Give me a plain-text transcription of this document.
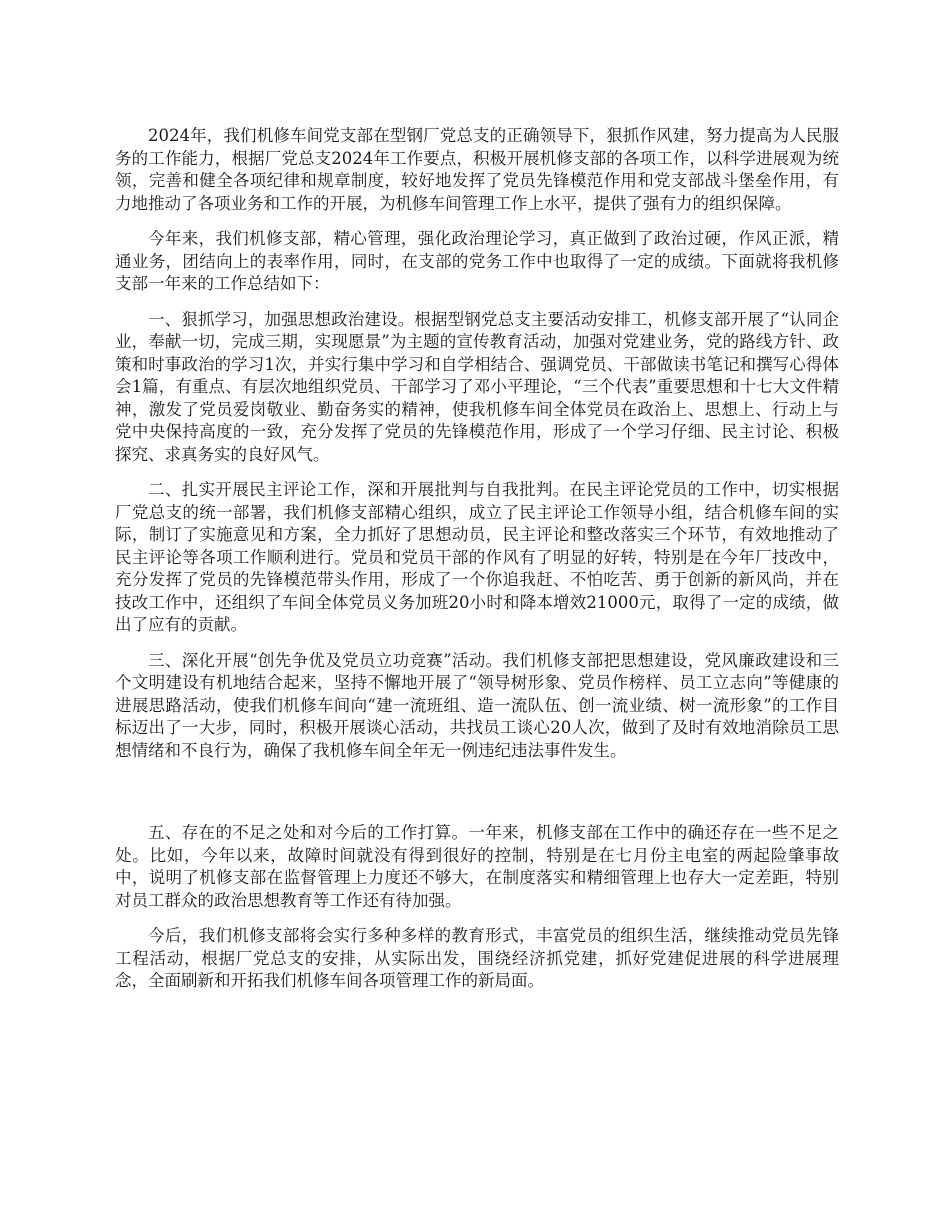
2024年，我们机修车间党支部在型钢厂党总支的正确领导下，狠抓作风建，努力提高为人民服务的工作能力，根据厂党总支2024年工作要点，积极开展机修支部的各项工作，以科学进展观为统领，完善和健全各项纪律和规章制度，较好地发挥了党员先锋模范作用和党支部战斗堡垒作用，有力地推动了各项业务和工作的开展，为机修车间管理工作上水平，提供了强有力的组织保障。

今年来，我们机修支部，精心管理，强化政治理论学习，真正做到了政治过硬，作风正派，精通业务，团结向上的表率作用，同时，在支部的党务工作中也取得了一定的成绩。下面就将我机修支部一年来的工作总结如下：

一、狠抓学习，加强思想政治建设。根据型钢党总支主要活动安排工，机修支部开展了“认同企业，奉献一切，完成三期，实现愿景”为主题的宣传教育活动，加强对党建业务，党的路线方针、政策和时事政治的学习1次，并实行集中学习和自学相结合、强调党员、干部做读书笔记和撰写心得体会1篇，有重点、有层次地组织党员、干部学习了邓小平理论，“三个代表”重要思想和十七大文件精神，激发了党员爱岗敬业、勤奋务实的精神，使我机修车间全体党员在政治上、思想上、行动上与党中央保持高度的一致，充分发挥了党员的先锋模范作用，形成了一个学习仔细、民主讨论、积极探究、求真务实的良好风气。

二、扎实开展民主评论工作，深和开展批判与自我批判。在民主评论党员的工作中，切实根据厂党总支的统一部署，我们机修支部精心组织，成立了民主评论工作领导小组，结合机修车间的实际，制订了实施意见和方案，全力抓好了思想动员，民主评论和整改落实三个环节，有效地推动了民主评论等各项工作顺利进行。党员和党员干部的作风有了明显的好转，特别是在今年厂技改中，充分发挥了党员的先锋模范带头作用，形成了一个你追我赶、不怕吃苦、勇于创新的新风尚，并在技改工作中，还组织了车间全体党员义务加班20小时和降本增效21000元，取得了一定的成绩，做出了应有的贡献。

三、深化开展“创先争优及党员立功竞赛”活动。我们机修支部把思想建设，党风廉政建设和三个文明建设有机地结合起来，坚持不懈地开展了“领导树形象、党员作榜样、员工立志向”等健康的进展思路活动，使我们机修车间向“建一流班组、造一流队伍、创一流业绩、树一流形象”的工作目标迈出了一大步，同时，积极开展谈心活动，共找员工谈心20人次，做到了及时有效地消除员工思想情绪和不良行为，确保了我机修车间全年无一例违纪违法事件发生。

五、存在的不足之处和对今后的工作打算。一年来，机修支部在工作中的确还存在一些不足之处。比如，今年以来，故障时间就没有得到很好的控制，特别是在七月份主电室的两起险肇事故中，说明了机修支部在监督管理上力度还不够大，在制度落实和精细管理上也存大一定差距，特别对员工群众的政治思想教育等工作还有待加强。

今后，我们机修支部将会实行多种多样的教育形式，丰富党员的组织生活，继续推动党员先锋工程活动，根据厂党总支的安排，从实际出发，围绕经济抓党建，抓好党建促进展的科学进展理念，全面刷新和开拓我们机修车间各项管理工作的新局面。
